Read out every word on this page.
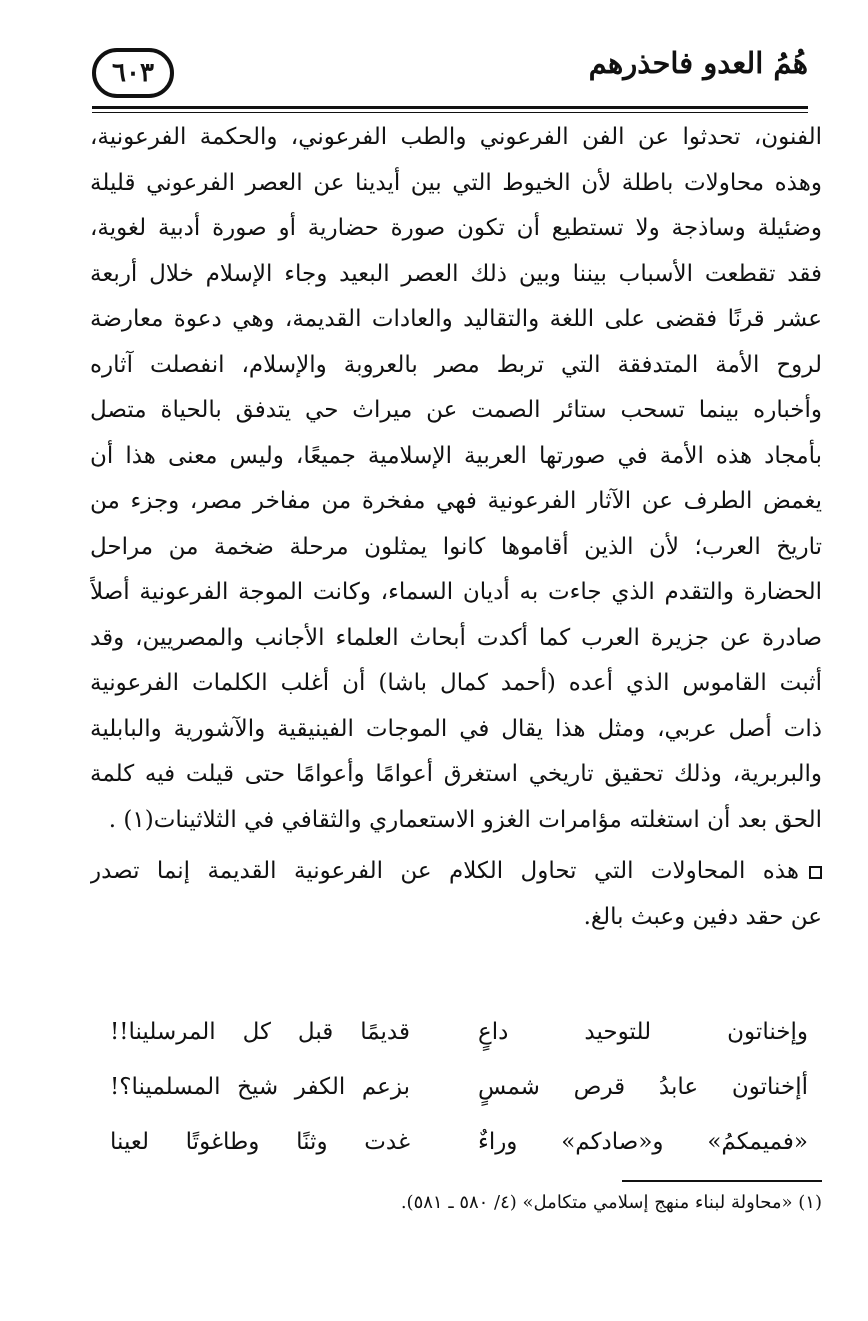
هُمُ العدو فاحذرهم
٦٠٣
الفنون، تحدثوا عن الفن الفرعوني والطب الفرعوني، والحكمة الفرعونية،
وهذه محاولات باطلة لأن الخيوط التي بين أيدينا عن العصر الفرعوني قليلة
وضئيلة وساذجة ولا تستطيع أن تكون صورة حضارية أو صورة أدبية لغوية،
فقد تقطعت الأسباب بيننا وبين ذلك العصر البعيد وجاء الإسلام خلال أربعة
عشر قرنًا فقضى على اللغة والتقاليد والعادات القديمة، وهي دعوة معارضة
لروح الأمة المتدفقة التي تربط مصر بالعروبة والإسلام، انفصلت آثاره
وأخباره بينما تسحب ستائر الصمت عن ميراث حي يتدفق بالحياة متصل
بأمجاد هذه الأمة في صورتها العربية الإسلامية جميعًا، وليس معنى هذا أن
يغمض الطرف عن الآثار الفرعونية فهي مفخرة من مفاخر مصر، وجزء من
تاريخ العرب؛ لأن الذين أقاموها كانوا يمثلون مرحلة ضخمة من مراحل
الحضارة والتقدم الذي جاءت به أديان السماء، وكانت الموجة الفرعونية أصلاً
صادرة عن جزيرة العرب كما أكدت أبحاث العلماء الأجانب والمصريين، وقد
أثبت القاموس الذي أعده (أحمد كمال باشا) أن أغلب الكلمات الفرعونية
ذات أصل عربي، ومثل هذا يقال في الموجات الفينيقية والآشورية والبابلية
والبربرية، وذلك تحقيق تاريخي استغرق أعوامًا وأعوامًا حتى قيلت فيه كلمة
الحق بعد أن استغلته مؤامرات الغزو الاستعماري والثقافي في الثلاثينات(١) .
هذه المحاولات التي تحاول الكلام عن الفرعونية القديمة إنما تصدر
عن حقد دفين وعبث بالغ.
وإخناتون للتوحيد داعٍ
قديمًا قبل كل المرسلينا!!
أإخناتون عابدُ قرص شمسٍ
بزعم الكفر شيخ المسلمينا؟!
«فميمكمُ» و«صادكم» وراءٌ
غدت وثنًا وطاغوتًا لعينا
(١) «محاولة لبناء منهج إسلامي متكامل» (٤/ ٥٨٠ ـ ٥٨١).
